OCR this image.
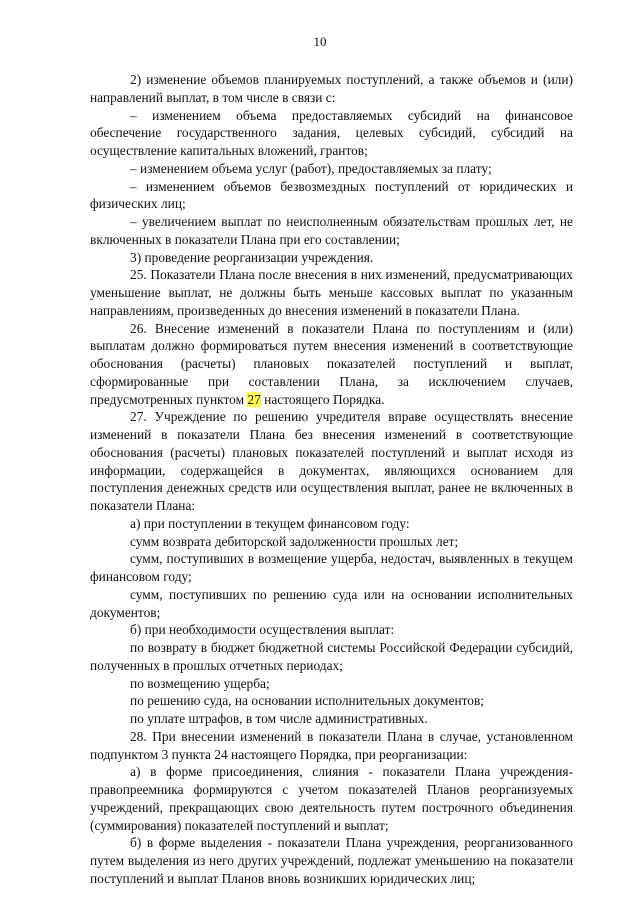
10

2) изменение объемов планируемых поступлений, а также объемов и (или) направлений выплат, в том числе в связи с:

– изменением объема предоставляемых субсидий на финансовое обеспечение государственного задания, целевых субсидий, субсидий на осуществление капитальных вложений, грантов;

– изменением объема услуг (работ), предоставляемых за плату;

– изменением объемов безвозмездных поступлений от юридических и физических лиц;

– увеличением выплат по неисполненным обязательствам прошлых лет, не включенных в показатели Плана при его составлении;

3) проведение реорганизации учреждения.

25. Показатели Плана после внесения в них изменений, предусматривающих уменьшение выплат, не должны быть меньше кассовых выплат по указанным направлениям, произведенных до внесения изменений в показатели Плана.

26. Внесение изменений в показатели Плана по поступлениям и (или) выплатам должно формироваться путем внесения изменений в соответствующие обоснования (расчеты) плановых показателей поступлений и выплат, сформированные при составлении Плана, за исключением случаев, предусмотренных пунктом 27 настоящего Порядка.

27. Учреждение по решению учредителя вправе осуществлять внесение изменений в показатели Плана без внесения изменений в соответствующие обоснования (расчеты) плановых показателей поступлений и выплат исходя из информации, содержащейся в документах, являющихся основанием для поступления денежных средств или осуществления выплат, ранее не включенных в показатели Плана:

а) при поступлении в текущем финансовом году:

сумм возврата дебиторской задолженности прошлых лет;

сумм, поступивших в возмещение ущерба, недостач, выявленных в текущем финансовом году;

сумм, поступивших по решению суда или на основании исполнительных документов;

б) при необходимости осуществления выплат:

по возврату в бюджет бюджетной системы Российской Федерации субсидий, полученных в прошлых отчетных периодах;

по возмещению ущерба;

по решению суда, на основании исполнительных документов;

по уплате штрафов, в том числе административных.

28. При внесении изменений в показатели Плана в случае, установленном подпунктом 3 пункта 24 настоящего Порядка, при реорганизации:

а) в форме присоединения, слияния - показатели Плана учреждения-правопреемника формируются с учетом показателей Планов реорганизуемых учреждений, прекращающих свою деятельность путем построчного объединения (суммирования) показателей поступлений и выплат;

б) в форме выделения - показатели Плана учреждения, реорганизованного путем выделения из него других учреждений, подлежат уменьшению на показатели поступлений и выплат Планов вновь возникших юридических лиц;
